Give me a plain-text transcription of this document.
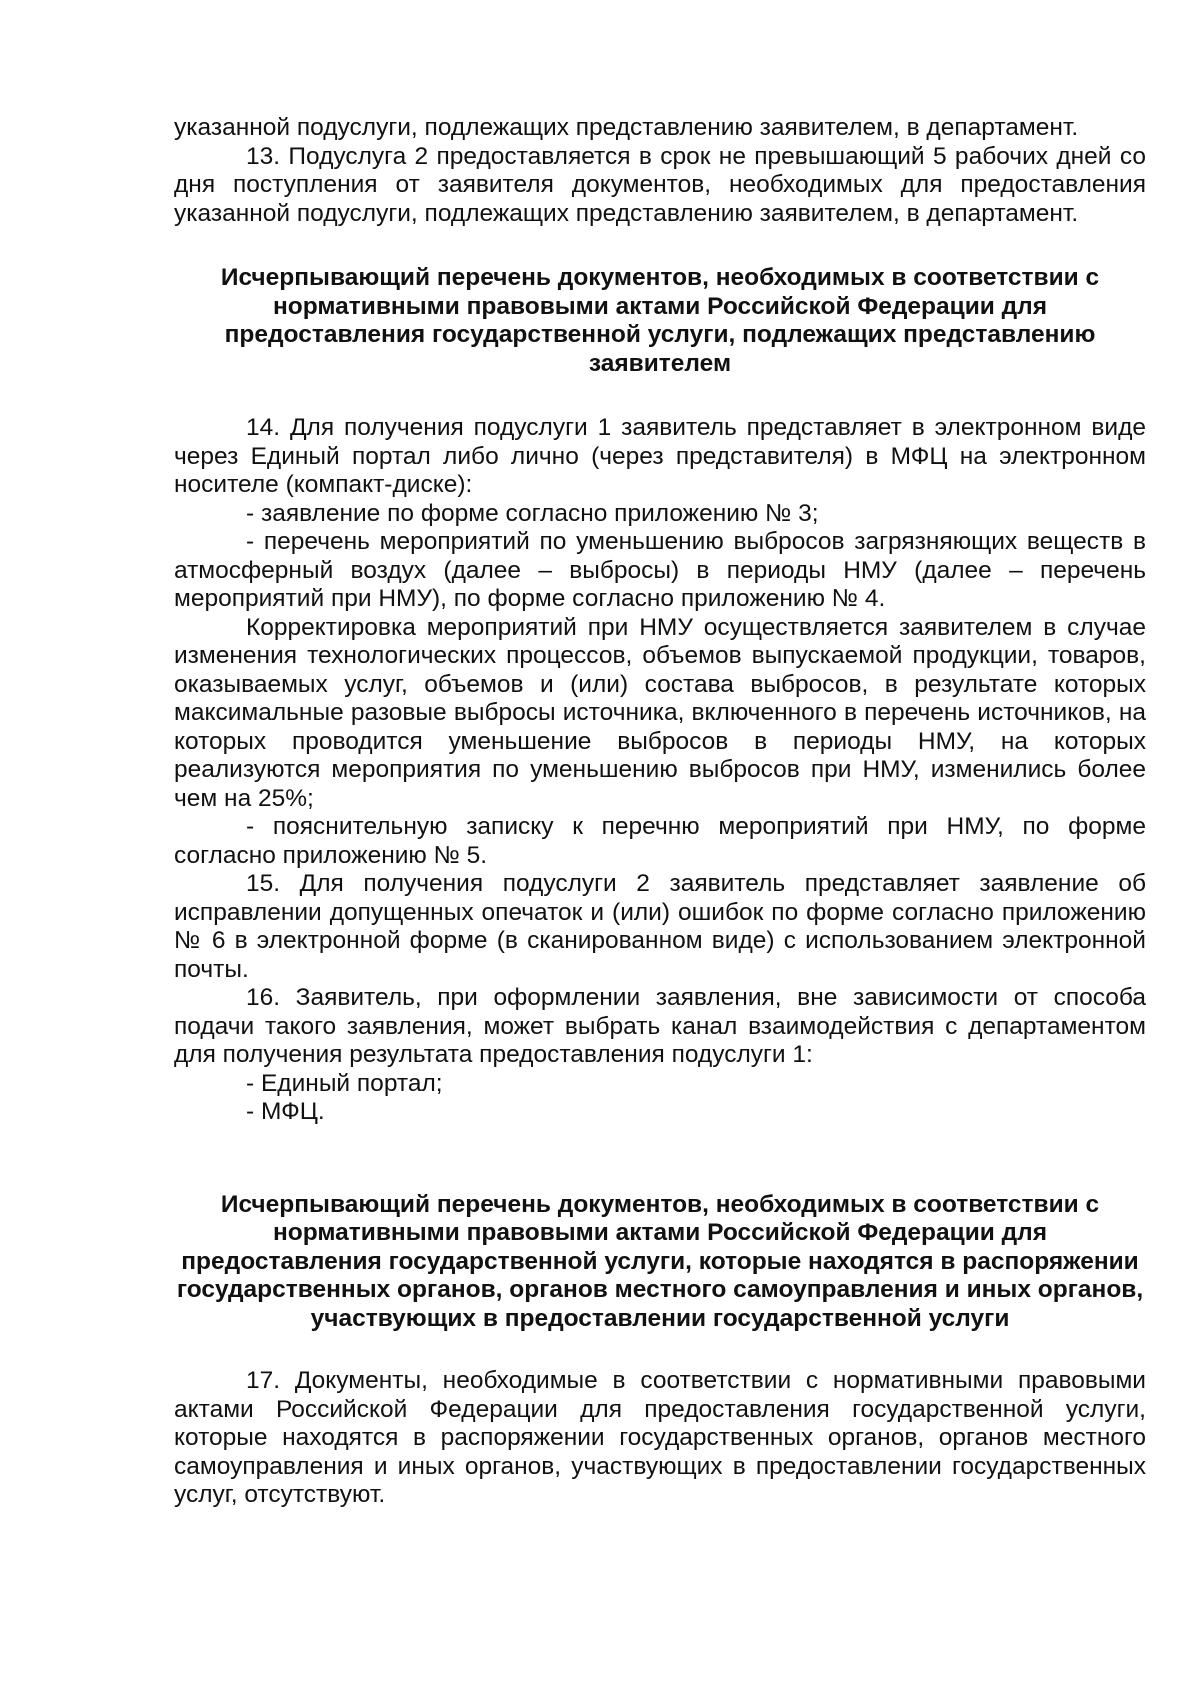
указанной подуслуги, подлежащих представлению заявителем, в департамент.

13. Подуслуга 2 предоставляется в срок не превышающий 5 рабочих дней со дня поступления от заявителя документов, необходимых для предоставления указанной подуслуги, подлежащих представлению заявителем, в департамент.

Исчерпывающий перечень документов, необходимых в соответствии с нормативными правовыми актами Российской Федерации для предоставления государственной услуги, подлежащих представлению заявителем

14. Для получения подуслуги 1 заявитель представляет в электронном виде через Единый портал либо лично (через представителя) в МФЦ на электронном носителе (компакт-диске):

- заявление по форме согласно приложению № 3;

- перечень мероприятий по уменьшению выбросов загрязняющих веществ в атмосферный воздух (далее – выбросы) в периоды НМУ (далее – перечень мероприятий при НМУ), по форме согласно приложению № 4.

Корректировка мероприятий при НМУ осуществляется заявителем в случае изменения технологических процессов, объемов выпускаемой продукции, товаров, оказываемых услуг, объемов и (или) состава выбросов, в результате которых максимальные разовые выбросы источника, включенного в перечень источников, на которых проводится уменьшение выбросов в периоды НМУ, на которых реализуются мероприятия по уменьшению выбросов при НМУ, изменились более чем на 25%;

- пояснительную записку к перечню мероприятий при НМУ, по форме согласно приложению № 5.

15. Для получения подуслуги 2 заявитель представляет заявление об исправлении допущенных опечаток и (или) ошибок по форме согласно приложению № 6 в электронной форме (в сканированном виде) с использованием электронной почты.

16. Заявитель, при оформлении заявления, вне зависимости от способа подачи такого заявления, может выбрать канал взаимодействия с департаментом для получения результата предоставления подуслуги 1:

- Единый портал;

- МФЦ.

Исчерпывающий перечень документов, необходимых в соответствии с нормативными правовыми актами Российской Федерации для предоставления государственной услуги, которые находятся в распоряжении государственных органов, органов местного самоуправления и иных органов, участвующих в предоставлении государственной услуги

17. Документы, необходимые в соответствии с нормативными правовыми актами Российской Федерации для предоставления государственной услуги, которые находятся в распоряжении государственных органов, органов местного самоуправления и иных органов, участвующих в предоставлении государственных услуг, отсутствуют.
